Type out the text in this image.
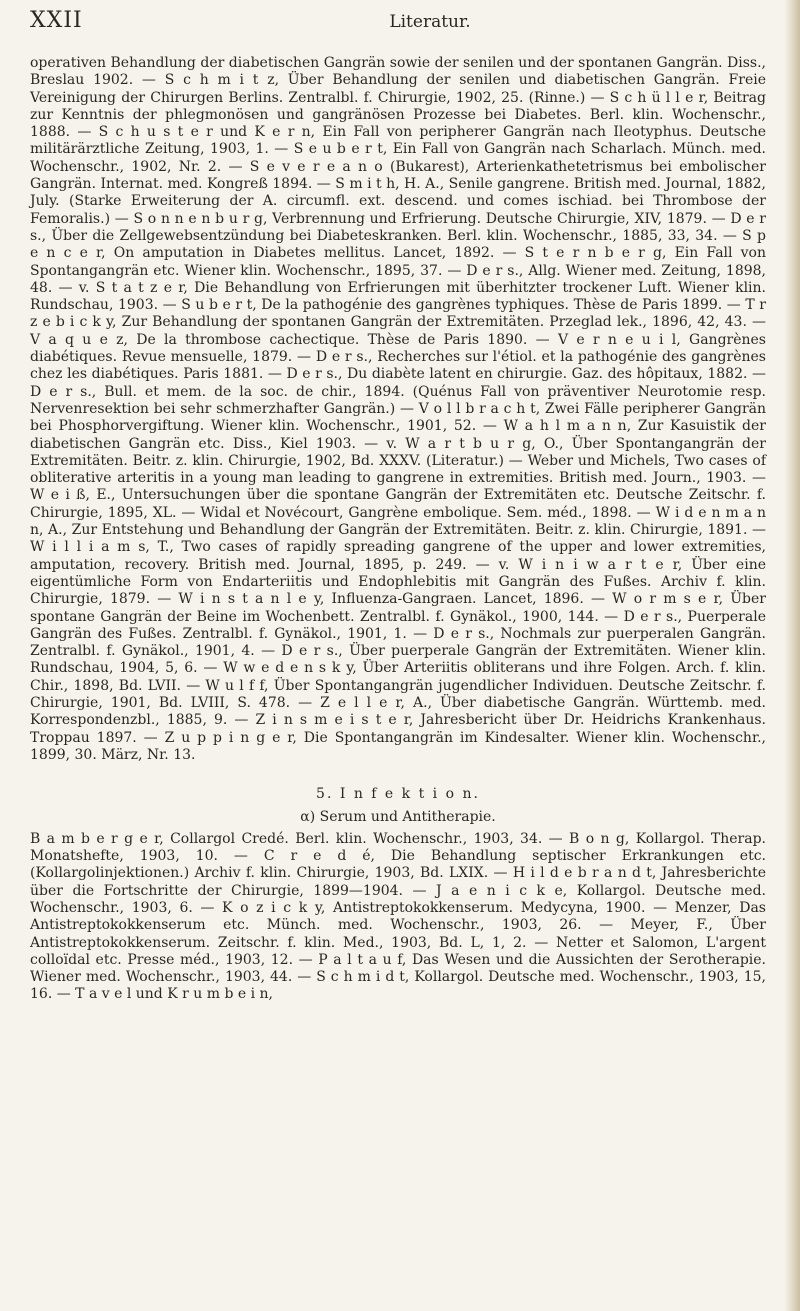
XXII	Literatur.

operativen Behandlung der diabetischen Gangrän sowie der senilen und der spontanen Gangrän. Diss., Breslau 1902. — S c h m i t z, Über Behandlung der senilen und diabetischen Gangrän. Freie Vereinigung der Chirurgen Berlins. Zentralbl. f. Chirurgie, 1902, 25. (Rinne.) — S c h ü l l e r, Beitrag zur Kenntnis der phlegmonösen und gangränösen Prozesse bei Diabetes. Berl. klin. Wochenschr., 1888. — S c h u s t e r und K e r n, Ein Fall von peripherer Gangrän nach Ileotyphus. Deutsche militärärztliche Zeitung, 1903, 1. — S e u b e r t, Ein Fall von Gangrän nach Scharlach. Münch. med. Wochenschr., 1902, Nr. 2. — S e v e r e a n o (Bukarest), Arterienkathetetrismus bei embolischer Gangrän. Internat. med. Kongreß 1894. — S m i t h, H. A., Senile gangrene. British med. Journal, 1882, July. (Starke Erweiterung der A. circumfl. ext. descend. und comes ischiad. bei Thrombose der Femoralis.) — S o n n e n b u r g, Verbrennung und Erfrierung. Deutsche Chirurgie, XIV, 1879. — D e r s., Über die Zellgewebsentzündung bei Diabeteskranken. Berl. klin. Wochenschr., 1885, 33, 34. — S p e n c e r, On amputation in Diabetes mellitus. Lancet, 1892. — S t e r n b e r g, Ein Fall von Spontangangrän etc. Wiener klin. Wochenschr., 1895, 37. — D e r s., Allg. Wiener med. Zeitung, 1898, 48. — v. S t a t z e r, Die Behandlung von Erfrierungen mit überhitzter trockener Luft. Wiener klin. Rundschau, 1903. — S u b e r t, De la pathogénie des gangrènes typhiques. Thèse de Paris 1899. — T r z e b i c k y, Zur Behandlung der spontanen Gangrän der Extremitäten. Przeglad lek., 1896, 42, 43. — V a q u e z, De la thrombose cachectique. Thèse de Paris 1890. — V e r n e u i l, Gangrènes diabétiques. Revue mensuelle, 1879. — D e r s., Recherches sur l'étiol. et la pathogénie des gangrènes chez les diabétiques. Paris 1881. — D e r s., Du diabète latent en chirurgie. Gaz. des hôpitaux, 1882. — D e r s., Bull. et mem. de la soc. de chir., 1894. (Quénus Fall von präventiver Neurotomie resp. Nervenresektion bei sehr schmerzhafter Gangrän.) — V o l l b r a c h t, Zwei Fälle peripherer Gangrän bei Phosphorvergiftung. Wiener klin. Wochenschr., 1901, 52. — W a h l m a n n, Zur Kasuistik der diabetischen Gangrän etc. Diss., Kiel 1903. — v. W a r t b u r g, O., Über Spontangangrän der Extremitäten. Beitr. z. klin. Chirurgie, 1902, Bd. XXXV. (Literatur.) — Weber und Michels, Two cases of obliterative arteritis in a young man leading to gangrene in extremities. British med. Journ., 1903. — W e i ß, E., Untersuchungen über die spontane Gangrän der Extremitäten etc. Deutsche Zeitschr. f. Chirurgie, 1895, XL. — Widal et Novécourt, Gangrène embolique. Sem. méd., 1898. — W i d e n m a n n, A., Zur Entstehung und Behandlung der Gangrän der Extremitäten. Beitr. z. klin. Chirurgie, 1891. — W i l l i a m s, T., Two cases of rapidly spreading gangrene of the upper and lower extremities, amputation, recovery. British med. Journal, 1895, p. 249. — v. W i n i w a r t e r, Über eine eigentümliche Form von Endarteriitis und Endophlebitis mit Gangrän des Fußes. Archiv f. klin. Chirurgie, 1879. — W i n s t a n l e y, Influenza-Gangraen. Lancet, 1896. — W o r m s e r, Über spontane Gangrän der Beine im Wochenbett. Zentralbl. f. Gynäkol., 1900, 144. — D e r s., Puerperale Gangrän des Fußes. Zentralbl. f. Gynäkol., 1901, 1. — D e r s., Nochmals zur puerperalen Gangrän. Zentralbl. f. Gynäkol., 1901, 4. — D e r s., Über puerperale Gangrän der Extremitäten. Wiener klin. Rundschau, 1904, 5, 6. — W w e d e n s k y, Über Arteriitis obliterans und ihre Folgen. Arch. f. klin. Chir., 1898, Bd. LVII. — W u l f f, Über Spontangangrän jugendlicher Individuen. Deutsche Zeitschr. f. Chirurgie, 1901, Bd. LVIII, S. 478. — Z e l l e r, A., Über diabetische Gangrän. Württemb. med. Korrespondenzbl., 1885, 9. — Z i n s m e i s t e r, Jahresbericht über Dr. Heidrichs Krankenhaus. Troppau 1897. — Z u p p i n g e r, Die Spontangangrän im Kindesalter. Wiener klin. Wochenschr., 1899, 30. März, Nr. 13.

5. I n f e k t i o n.
α) Serum und Antitherapie.

B a m b e r g e r, Collargol Credé. Berl. klin. Wochenschr., 1903, 34. — B o n g, Kollargol. Therap. Monatshefte, 1903, 10. — C r e d é, Die Behandlung septischer Erkrankungen etc. (Kollargolinjektionen.) Archiv f. klin. Chirurgie, 1903, Bd. LXIX. — H i l d e b r a n d t, Jahresberichte über die Fortschritte der Chirurgie, 1899—1904. — J a e n i c k e, Kollargol. Deutsche med. Wochenschr., 1903, 6. — K o z i c k y, Antistreptokokkenserum. Medycyna, 1900. — Menzer, Das Antistreptokokkenserum etc. Münch. med. Wochenschr., 1903, 26. — Meyer, F., Über Antistreptokokkenserum. Zeitschr. f. klin. Med., 1903, Bd. L, 1, 2. — Netter et Salomon, L'argent colloïdal etc. Presse méd., 1903, 12. — P a l t a u f, Das Wesen und die Aussichten der Serotherapie. Wiener med. Wochenschr., 1903, 44. — S c h m i d t, Kollargol. Deutsche med. Wochenschr., 1903, 15, 16. — T a v e l und K r u m b e i n,
